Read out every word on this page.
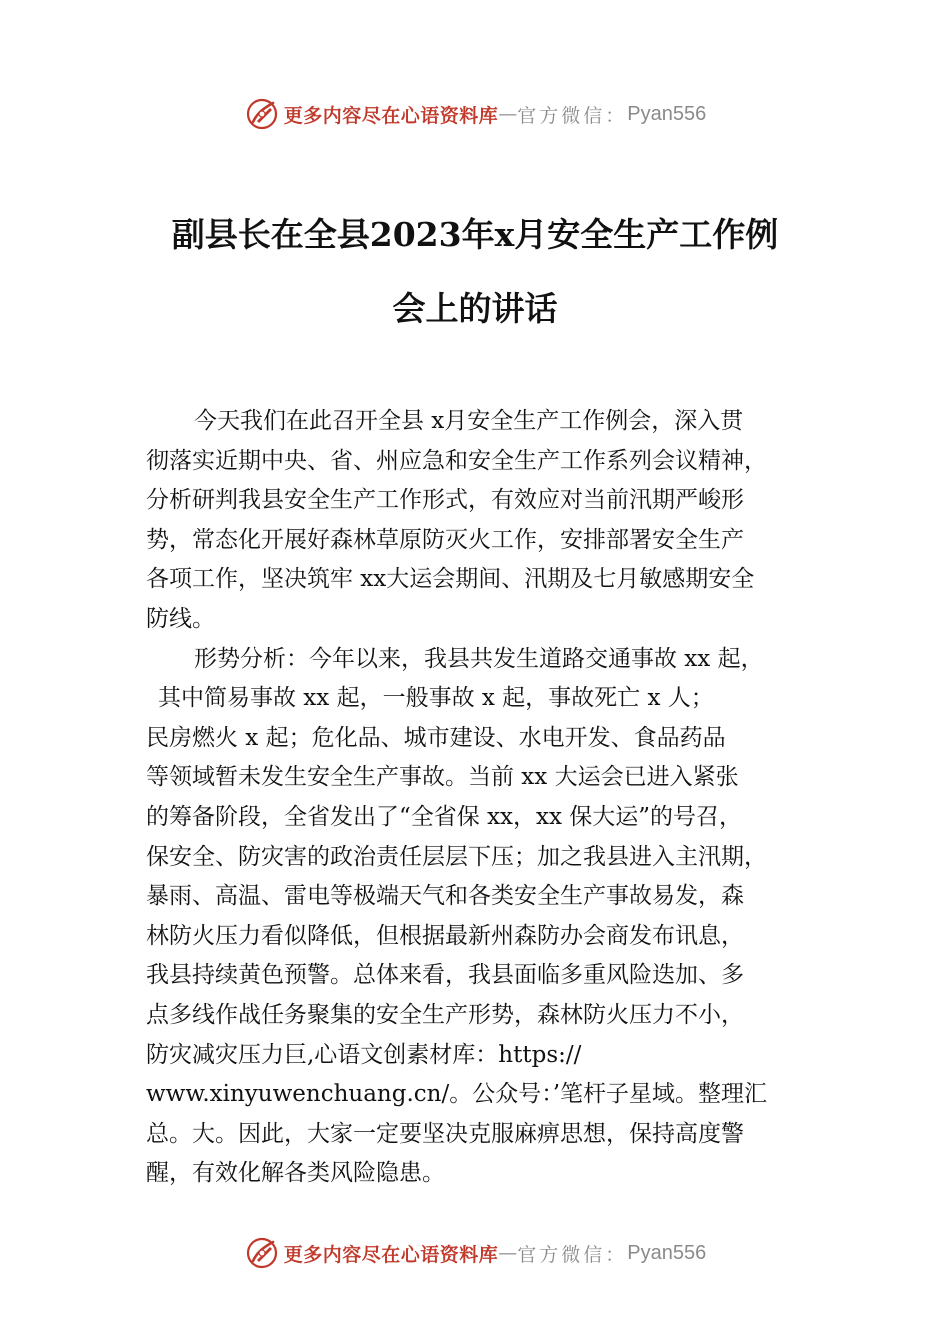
更多内容尽在心语资料库 — 官方微信： Pyan556
副县长在全县2023年x月安全生产工作例
会上的讲话
今天我们在此召开全县 x月安全生产工作例会，深入贯
彻落实近期中央、省、州应急和安全生产工作系列会议精神，
分析研判我县安全生产工作形式，有效应对当前汛期严峻形
势，常态化开展好森林草原防灭火工作，安排部署安全生产
各项工作，坚决筑牢 xx大运会期间、汛期及七月敏感期安全
防线。
形势分析：今年以来，我县共发生道路交通事故 xx 起，
其中简易事故 xx 起，一般事故 x 起，事故死亡 x 人；
民房燃火 x 起；危化品、城市建设、水电开发、食品药品
等领域暂未发生安全生产事故。当前 xx 大运会已进入紧张
的筹备阶段，全省发出了“全省保 xx，xx 保大运”的号召，
保安全、防灾害的政治责任层层下压；加之我县进入主汛期，
暴雨、高温、雷电等极端天气和各类安全生产事故易发，森
林防火压力看似降低，但根据最新州森防办会商发布讯息，
我县持续黄色预警。总体来看，我县面临多重风险迭加、多
点多线作战任务聚集的安全生产形势，森林防火压力不小，
防灾减灾压力巨,心语文创素材库：https://
www.xinyuwenchuang.cn/。公众号：’笔杆子星域。整理汇
总。大。因此，大家一定要坚决克服麻痹思想，保持高度警
醒，有效化解各类风险隐患。
更多内容尽在心语资料库 — 官方微信： Pyan556
